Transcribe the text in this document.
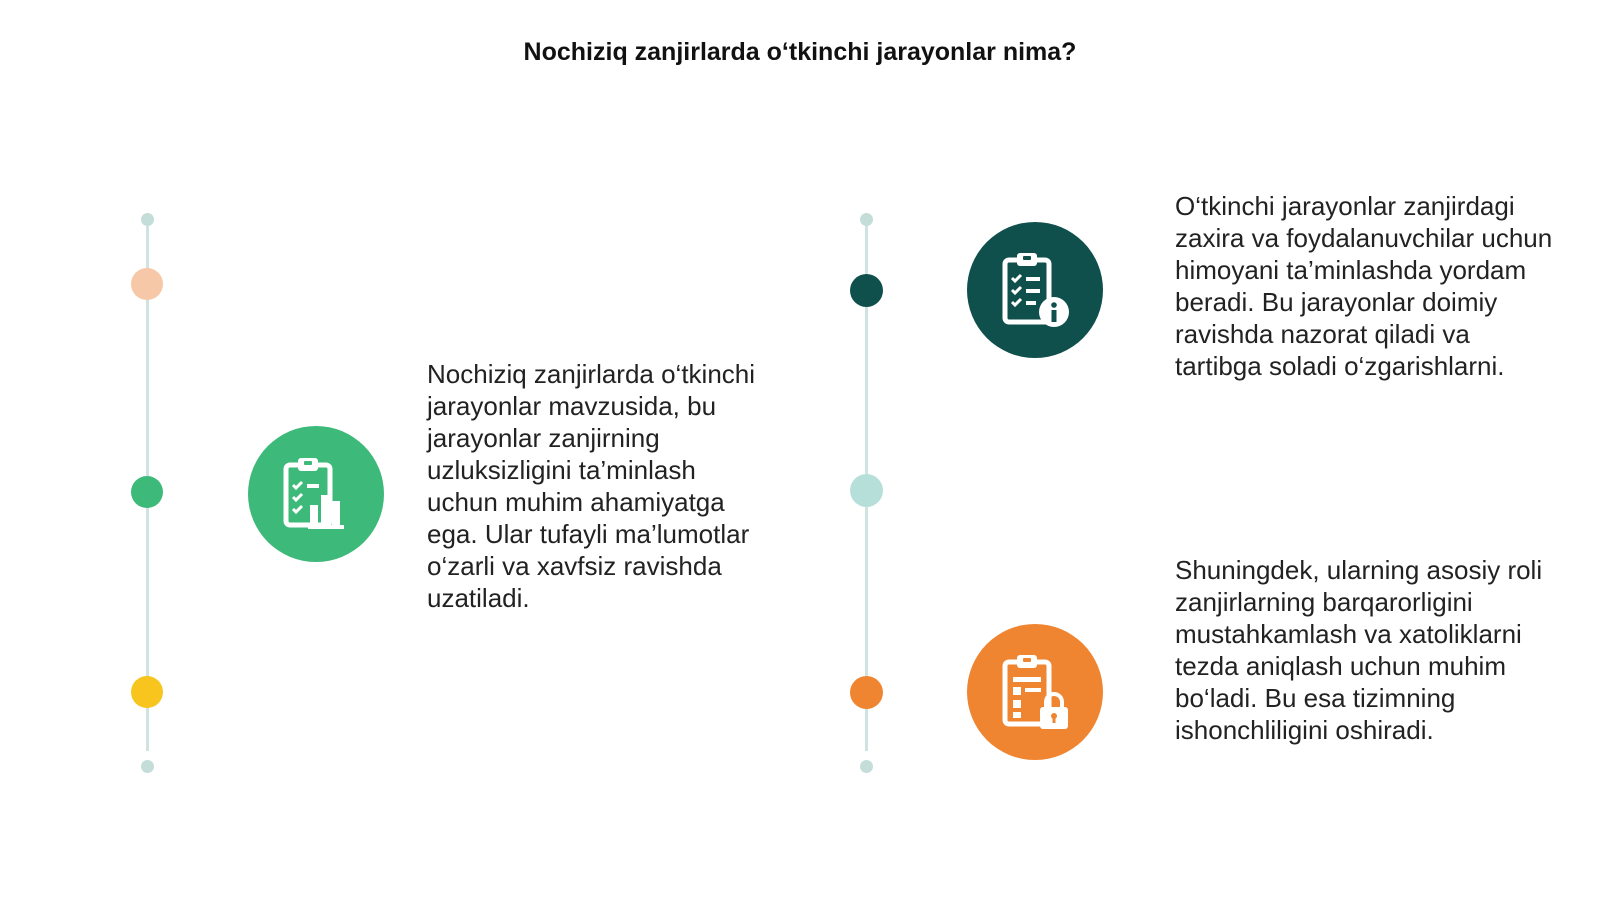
Nochiziq zanjirlarda o‘tkinchi jarayonlar nima?
Nochiziq zanjirlarda o‘tkinchi jarayonlar mavzusida, bu jarayonlar zanjirning uzluksizligini ta’minlash uchun muhim ahamiyatga ega. Ular tufayli ma’lumotlar o‘zarli va xavfsiz ravishda uzatiladi.
O‘tkinchi jarayonlar zanjirdagi zaxira va foydalanuvchilar uchun himoyani ta’minlashda yordam beradi. Bu jarayonlar doimiy ravishda nazorat qiladi va tartibga soladi o‘zgarishlarni.
Shuningdek, ularning asosiy roli zanjirlarning barqarorligini mustahkamlash va xatoliklarni tezda aniqlash uchun muhim bo‘ladi. Bu esa tizimning ishonchliligini oshiradi.
